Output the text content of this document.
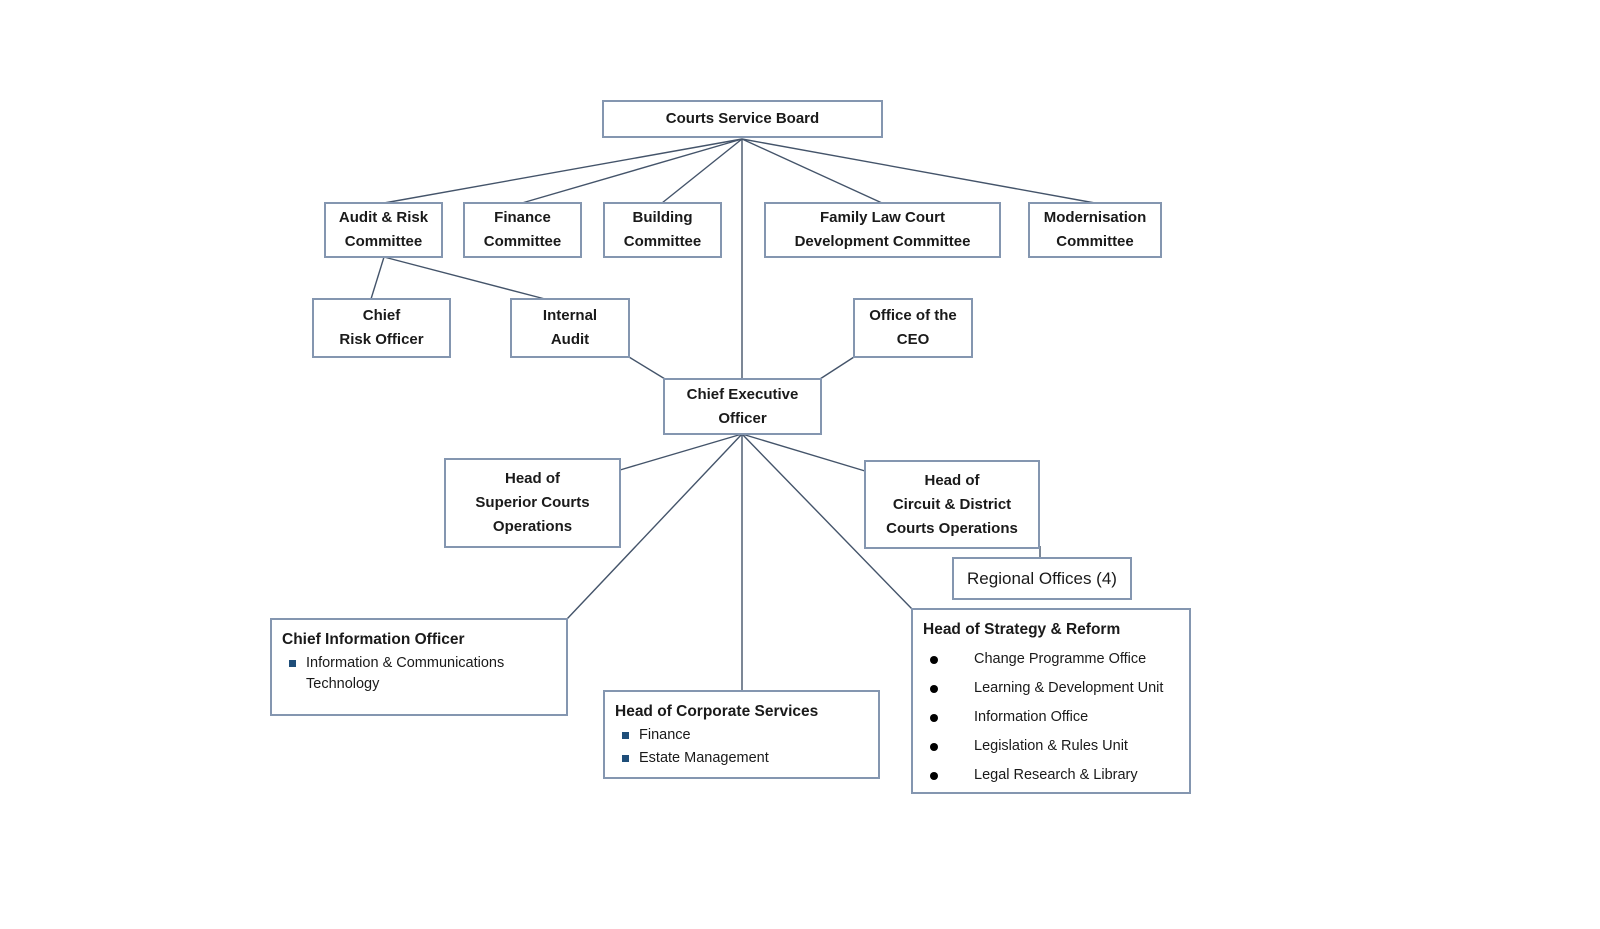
Courts Service Board
Audit & Risk
Committee
Finance
Committee
Building
Committee
Family Law Court
Development Committee
Modernisation
Committee
Chief
Risk Officer
Internal
Audit
Office of the
CEO
Chief Executive
Officer
Head of
Superior Courts
Operations
Head of
Circuit & District
Courts Operations
Regional Offices (4)
Chief Information Officer
Information & Communications Technology
Head of Corporate Services
Finance
Estate Management
Head of Strategy & Reform
Change Programme Office
Learning & Development Unit
Information Office
Legislation & Rules Unit
Legal Research & Library
